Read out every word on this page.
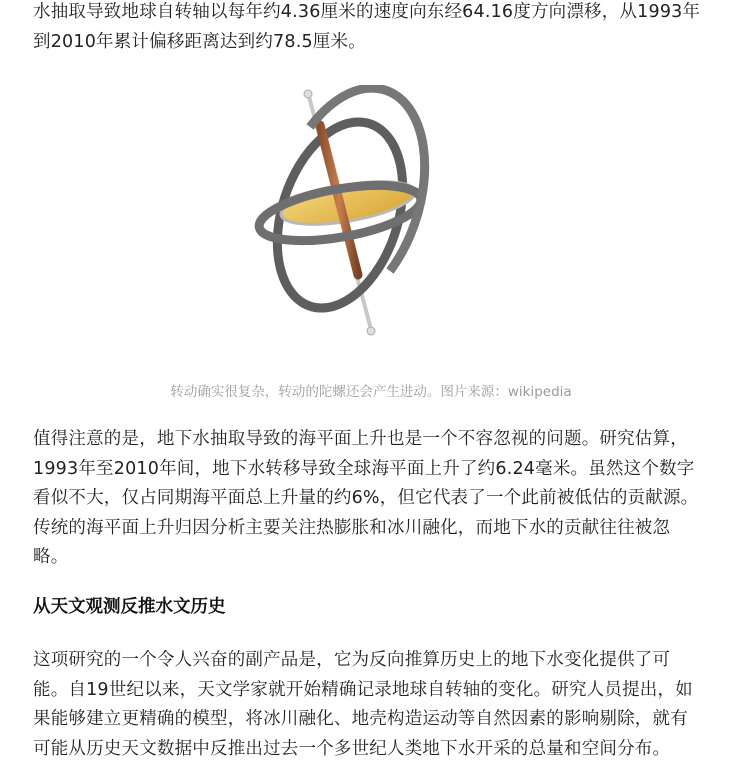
水抽取导致地球自转轴以每年约4.36厘米的速度向东经64.16度方向漂移，从1993年
到2010年累计偏移距离达到约78.5厘米。

转动确实很复杂，转动的陀螺还会产生进动。图片来源：wikipedia

值得注意的是，地下水抽取导致的海平面上升也是一个不容忽视的问题。研究估算，
1993年至2010年间，地下水转移导致全球海平面上升了约6.24毫米。虽然这个数字
看似不大，仅占同期海平面总上升量的约6%，但它代表了一个此前被低估的贡献源。
传统的海平面上升归因分析主要关注热膨胀和冰川融化，而地下水的贡献往往被忽
略。

从天文观测反推水文历史

这项研究的一个令人兴奋的副产品是，它为反向推算历史上的地下水变化提供了可
能。自19世纪以来，天文学家就开始精确记录地球自转轴的变化。研究人员提出，如
果能够建立更精确的模型，将冰川融化、地壳构造运动等自然因素的影响剔除，就有
可能从历史天文数据中反推出过去一个多世纪人类地下水开采的总量和空间分布。
